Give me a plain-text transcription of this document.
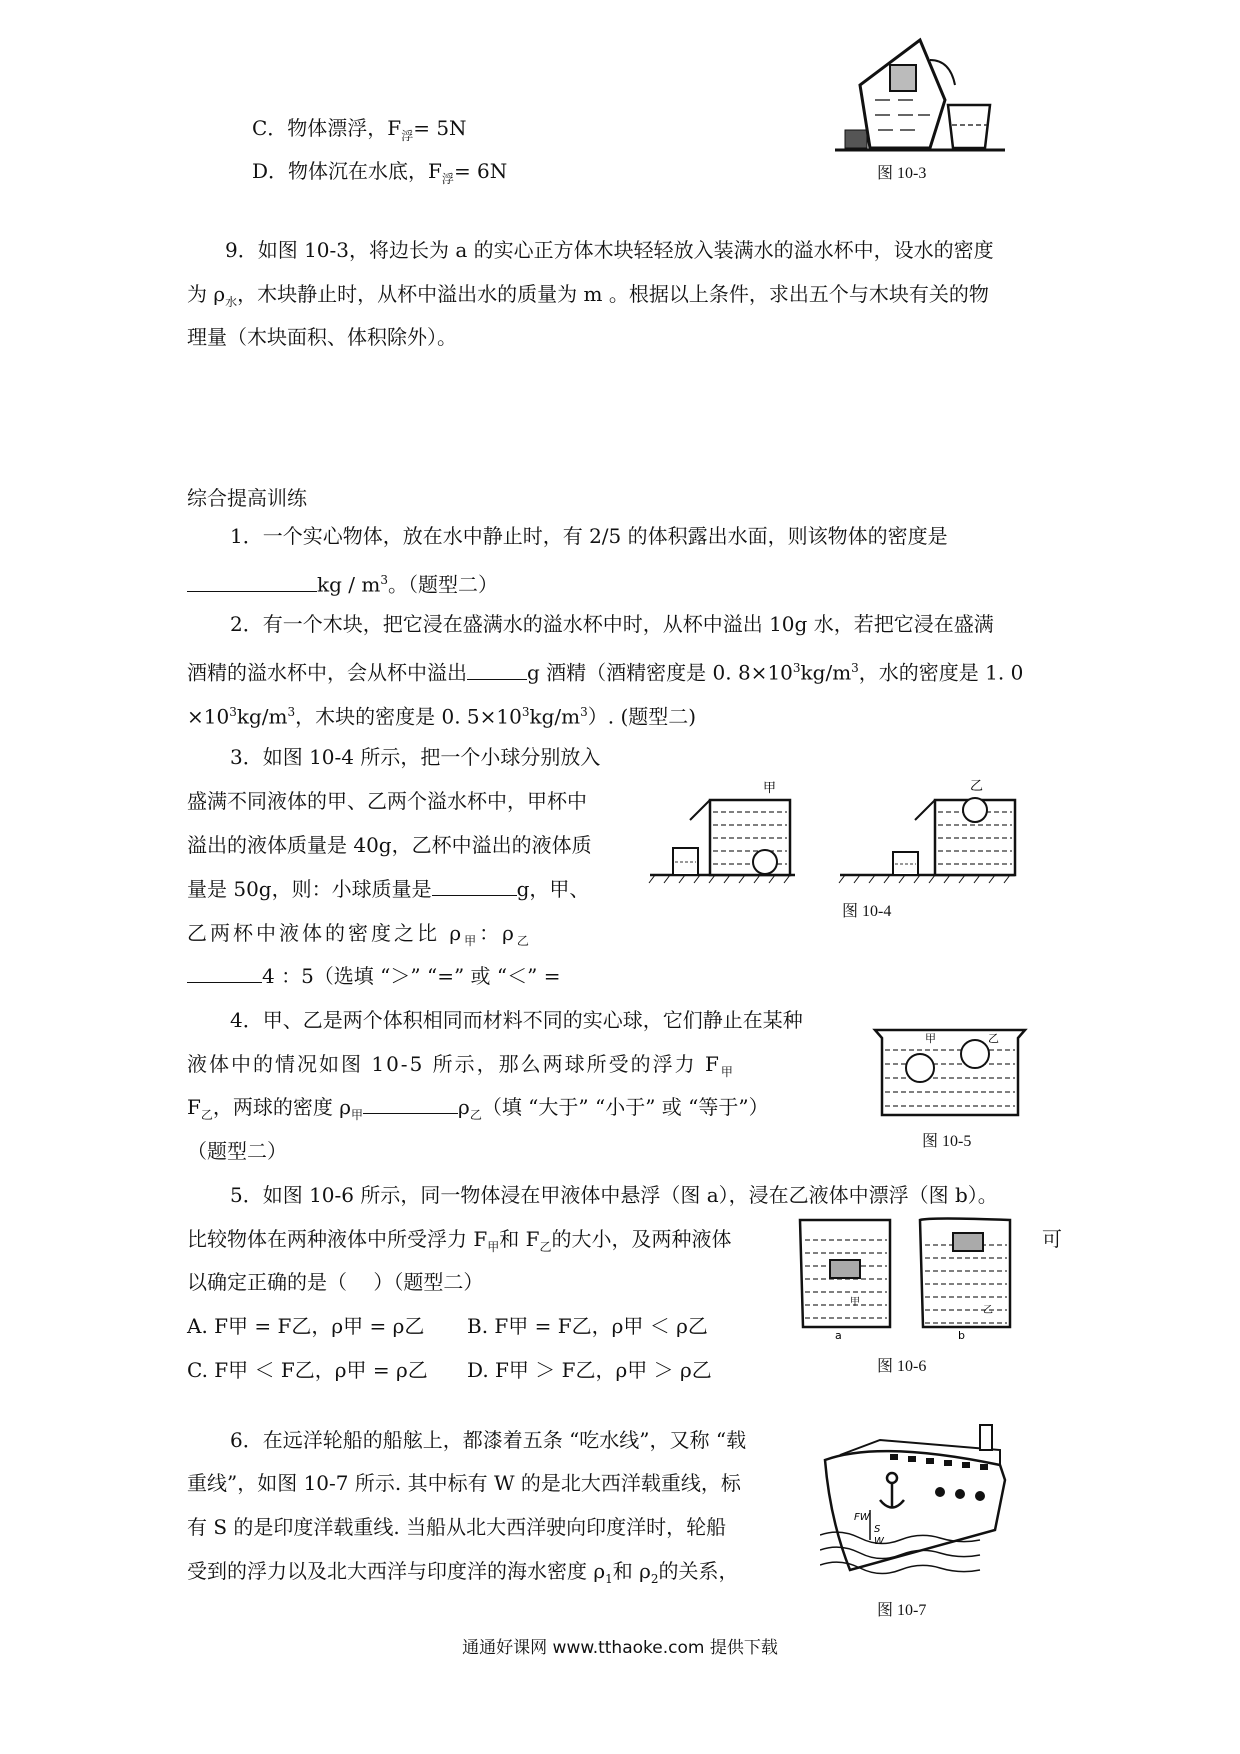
C．物体漂浮，$F_浮= 5N$
D．物体沉在水底，$F_浮= 6N$	图 10-3
9．如图 10-3，将边长为 a 的实心正方体木块轻轻放入装满水的溢水杯中，设水的密度
为 $\rho_水$，木块静止时，从杯中溢出水的质量为 m 。根据以上条件，求出五个与木块有关的物
理量（木块面积、体积除外）。
综合提高训练
1．一个实心物体，放在水中静止时，有 2/5 的体积露出水面，则该物体的密度是
kg / $m^3$。（题型二）
2．有一个木块，把它浸在盛满水的溢水杯中时，从杯中溢出 10g 水，若把它浸在盛满
酒精的溢水杯中，会从杯中溢出	g 酒精（酒精密度是 0. $8\times 10^3kg/m^3$，水的密度是 1. 0
$\times 10^3kg/m^3$，木块的密度是 0. $5\times 10^3kg/m^3$）. (题型二)
3．如图 10-4 所示，把一个小球分别放入
盛满不同液体的甲、乙两个溢水杯中，甲杯中
溢出的液体质量是 40g，乙杯中溢出的液体质
量是 50g，则：小球质量是	g，甲、
乙两杯中液体的密度之比 $\rho_甲$：$\rho_乙$
4 ：5（选填 “＞” “=” 或 “＜” =
甲	乙
图 10-4
4．甲、乙是两个体积相同而材料不同的实心球，它们静止在某种
液体中的情况如图 10-5 所示，那么两球所受的浮力 $F_甲$
$F_乙$，两球的密度 $\rho_甲$	$\rho_乙$（填 “大于” “小于” 或 “等于”）
（题型二）
甲	乙
图 10-5
5．如图 10-6 所示，同一物体浸在甲液体中悬浮（图 a），浸在乙液体中漂浮（图 b）。
比较物体在两种液体中所受浮力 $F_甲$和 $F_乙$的大小，及两种液体	可
以确定正确的是（　 ）（题型二）
A. F甲 = F乙，ρ甲 = ρ乙 B. F甲 = F乙，ρ甲 ＜ ρ乙
C. F甲 ＜ F乙，ρ甲 = ρ乙 D. F甲 ＞ F乙，ρ甲 ＞ ρ乙
甲
a
乙
b
图 10-6
6．在远洋轮船的船舷上，都漆着五条 “吃水线”，又称 “载
重线”，如图 10-7 所示. 其中标有 W 的是北大西洋载重线，标
有 S 的是印度洋载重线. 当船从北大西洋驶向印度洋时，轮船
受到的浮力以及北大西洋与印度洋的海水密度 $\rho_1$和 $\rho_2$的关系，
FW
S
W
图 10-7
通通好课网 www.tthaoke.com 提供下载
